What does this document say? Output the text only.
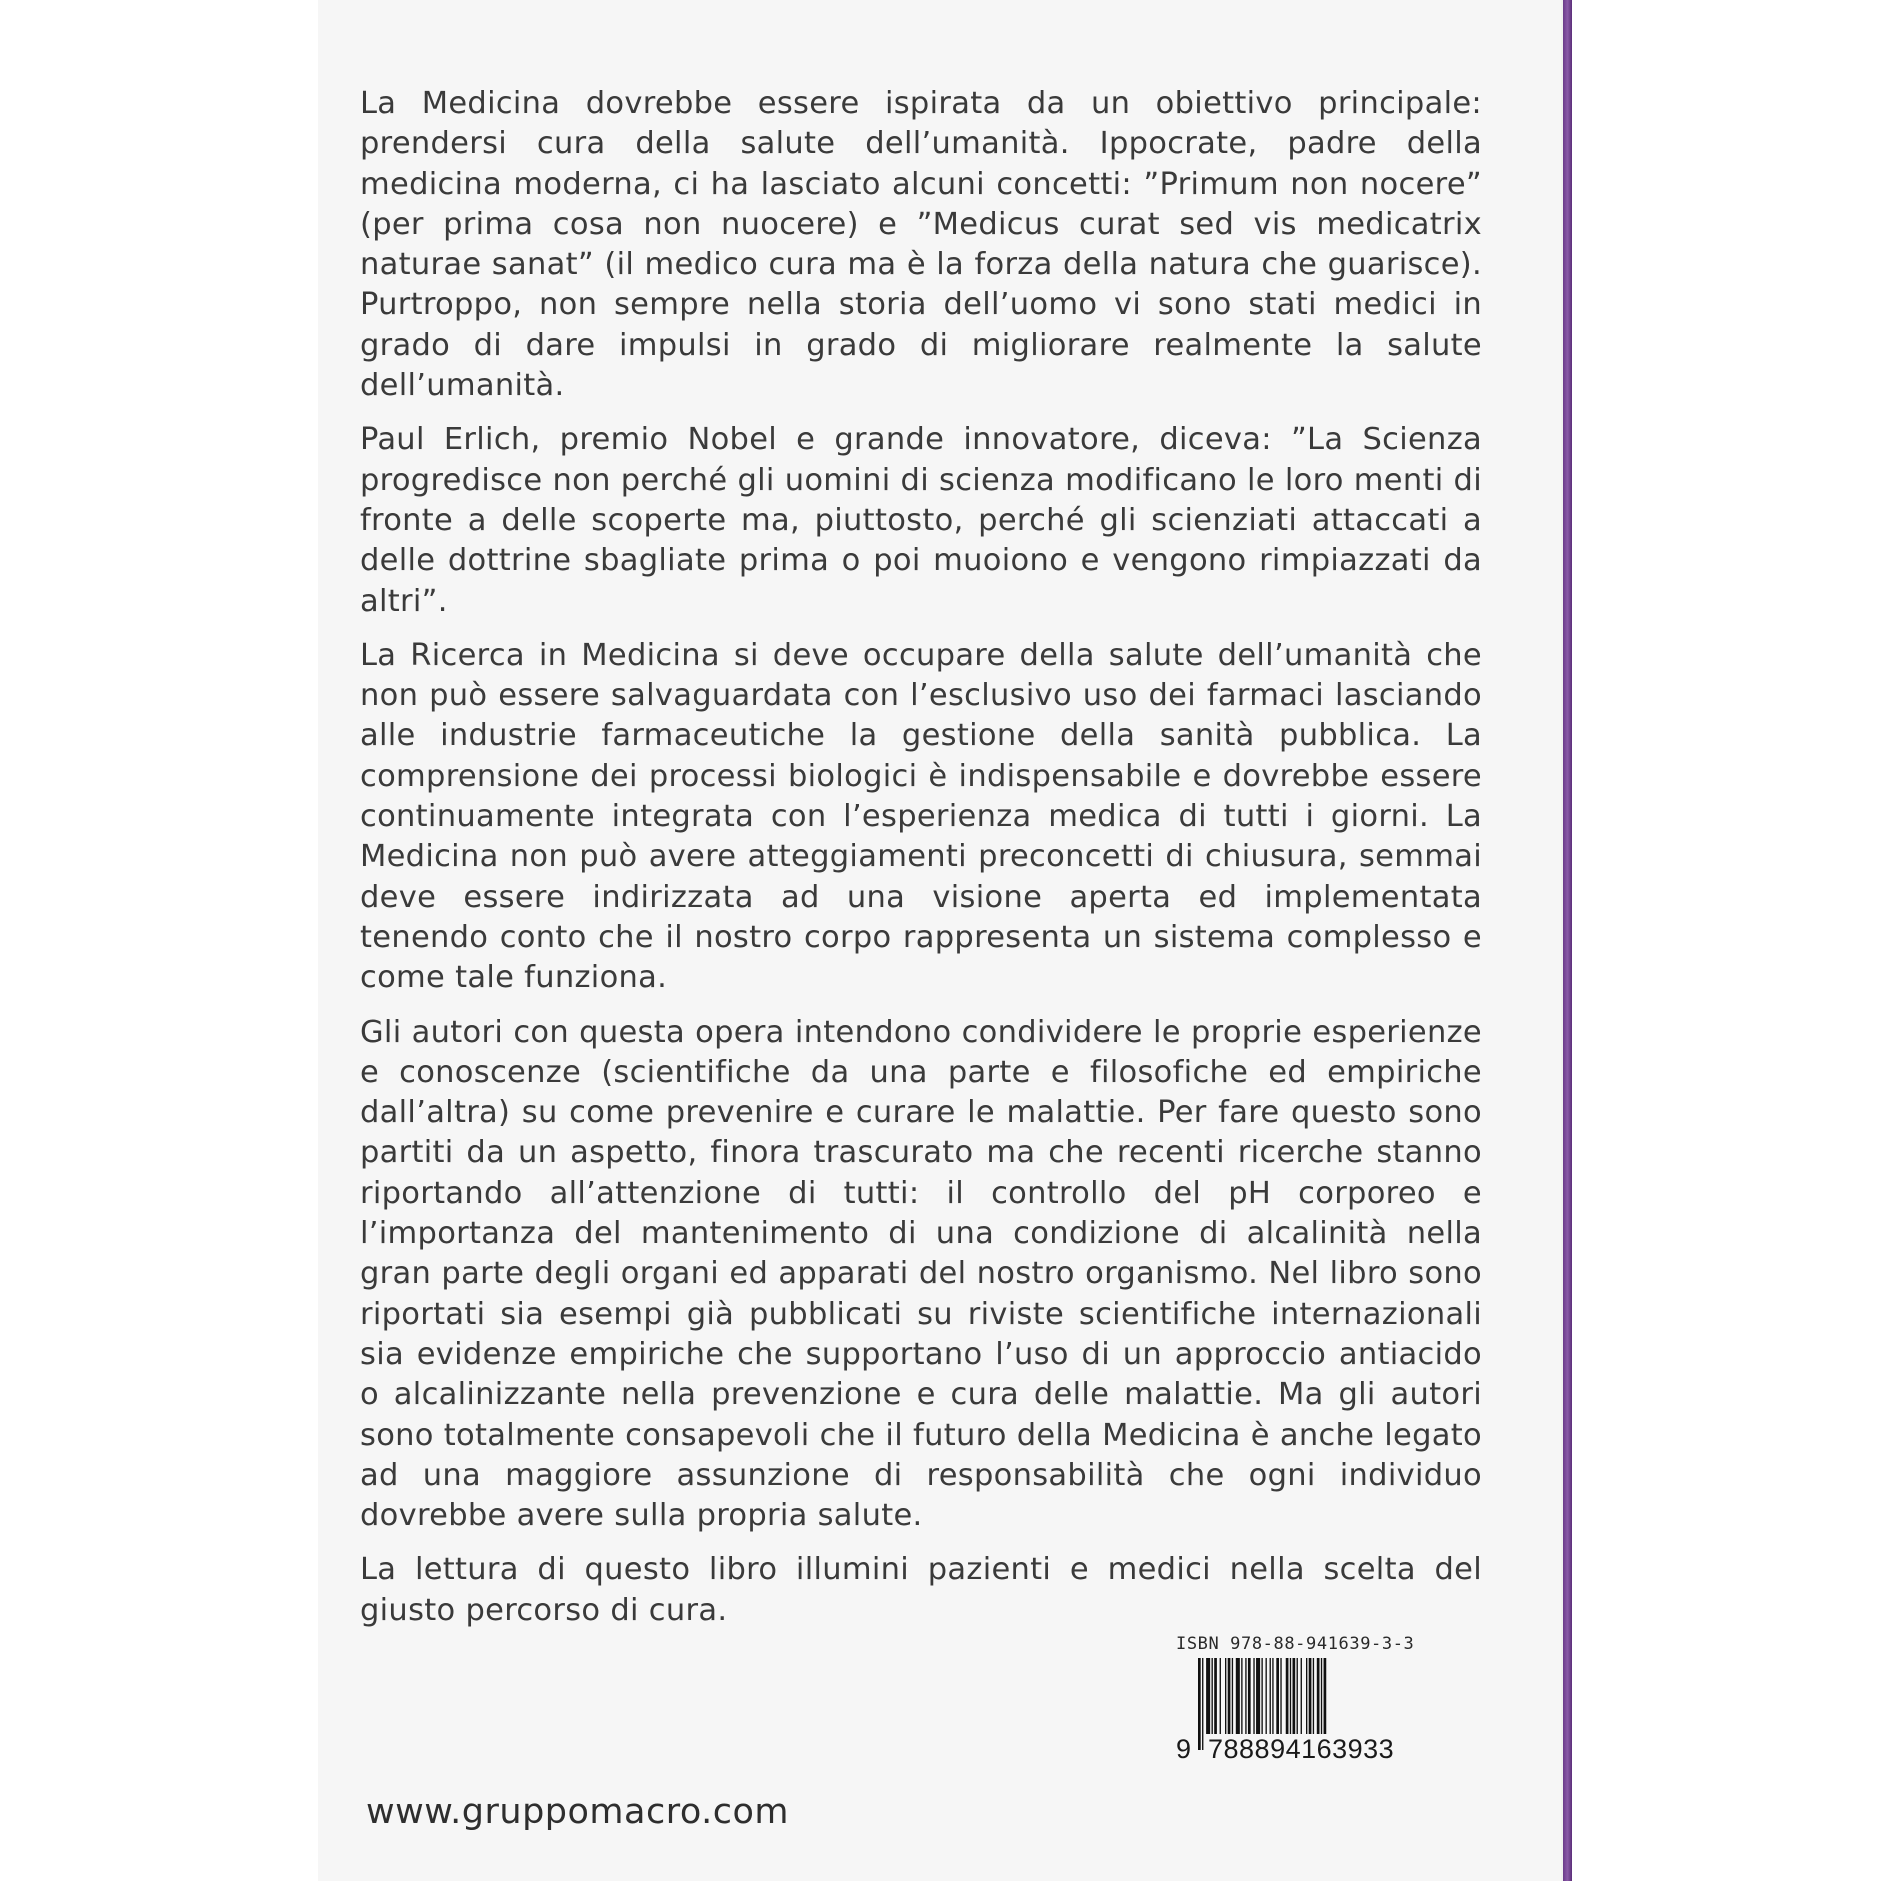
La Medicina dovrebbe essere ispirata da un obiettivo principale: prendersi cura della salute dell’umanità. Ippocrate, padre della medicina moderna, ci ha lasciato alcuni concetti: ”Primum non nocere” (per prima cosa non nuocere) e ”Medicus curat sed vis medicatrix naturae sanat” (il medico cura ma è la forza della natura che guarisce). Purtroppo, non sempre nella storia dell’uomo vi sono stati medici in grado di dare impulsi in grado di migliorare realmente la salute dell’umanità.

Paul Erlich, premio Nobel e grande innovatore, diceva: ”La Scienza progredisce non perché gli uomini di scienza modificano le loro menti di fronte a delle scoperte ma, piuttosto, perché gli scienziati attaccati a delle dottrine sbagliate prima o poi muoiono e vengono rimpiazzati da altri”.

La Ricerca in Medicina si deve occupare della salute dell’umanità che non può essere salvaguardata con l’esclusivo uso dei farmaci lasciando alle industrie farmaceutiche la gestione della sanità pubblica. La comprensione dei processi biologici è indispensabile e dovrebbe essere continuamente integrata con l’esperienza medica di tutti i giorni. La Medicina non può avere atteggiamenti preconcetti di chiusura, semmai deve essere indirizzata ad una visione aperta ed implementata tenendo conto che il nostro corpo rappresenta un sistema complesso e come tale funziona.

Gli autori con questa opera intendono condividere le proprie esperienze e conoscenze (scientifiche da una parte e filosofiche ed empiriche dall’altra) su come prevenire e curare le malattie. Per fare questo sono partiti da un aspetto, finora trascurato ma che recenti ricerche stanno riportando all’attenzione di tutti: il controllo del pH corporeo e l’importanza del mantenimento di una condizione di alcalinità nella gran parte degli organi ed apparati del nostro organismo. Nel libro sono riportati sia esempi già pubblicati su riviste scientifiche internazionali sia evidenze empiriche che supportano l’uso di un approccio antiacido o alcalinizzante nella prevenzione e cura delle malattie. Ma gli autori sono totalmente consapevoli che il futuro della Medicina è anche legato ad una maggiore assunzione di responsabilità che ogni individuo dovrebbe avere sulla propria salute.

La lettura di questo libro illumini pazienti e medici nella scelta del giusto percorso di cura.

ISBN 978-88-941639-3-3
9 788894163933
www.gruppomacro.com
